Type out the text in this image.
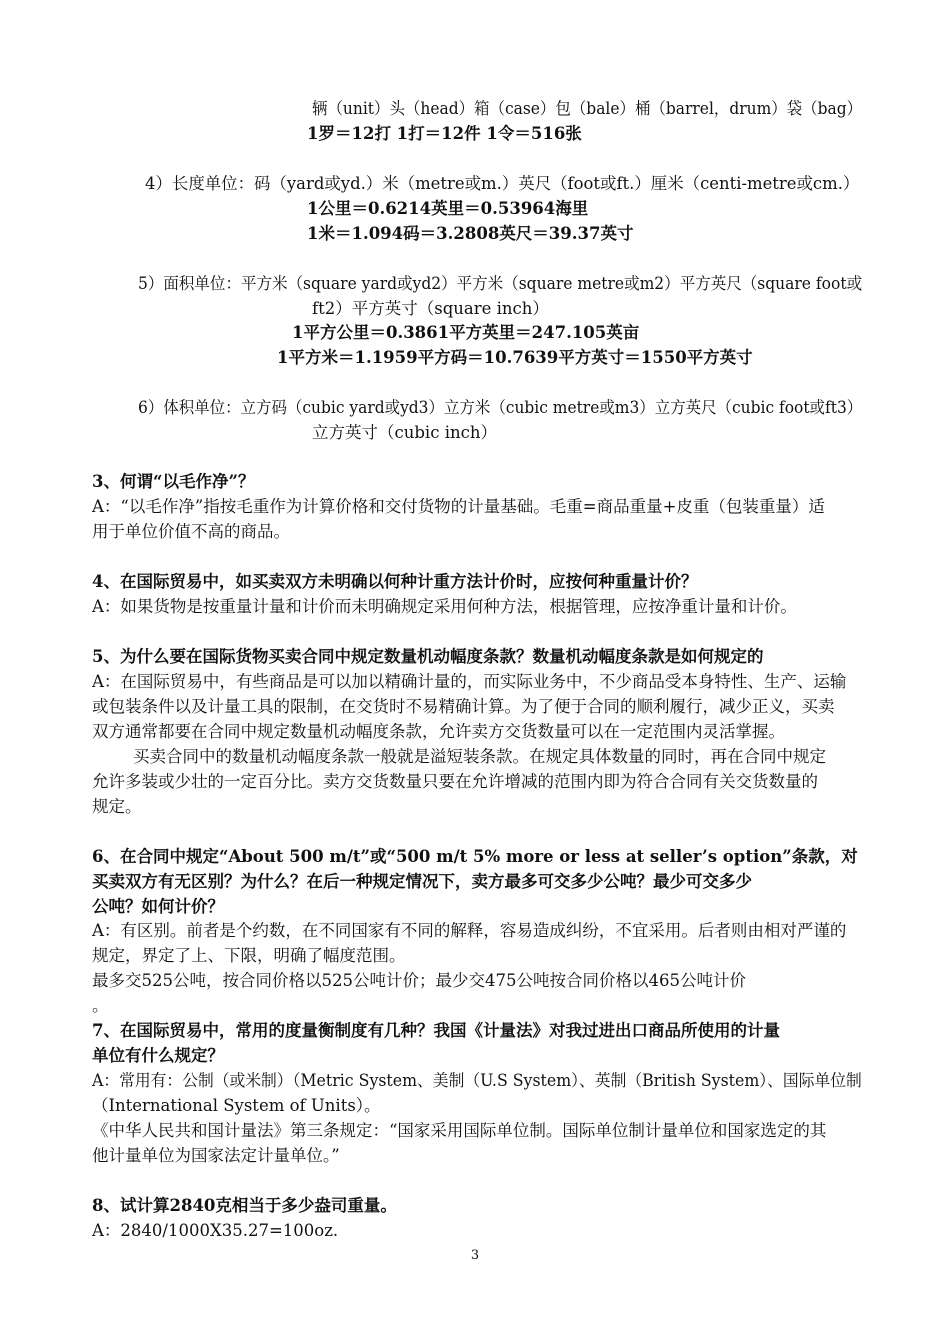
辆（unit）头（head）箱（case）包（bale）桶（barrel，drum）袋（bag）
1罗＝12打 1打＝12件 1令＝516张
4）长度单位：码（yard或yd.）米（metre或m.）英尺（foot或ft.）厘米（centi-metre或cm.）
1公里＝0.6214英里＝0.53964海里
1米＝1.094码＝3.2808英尺＝39.37英寸
5）面积单位：平方米（square yard或yd2）平方米（square metre或m2）平方英尺（square foot或
ft2）平方英寸（square inch）
1平方公里＝0.3861平方英里＝247.105英亩
1平方米＝1.1959平方码＝10.7639平方英寸＝1550平方英寸
6）体积单位：立方码（cubic yard或yd3）立方米（cubic metre或m3）立方英尺（cubic foot或ft3）
立方英寸（cubic inch）
3、何谓“以毛作净”？
A：“以毛作净”指按毛重作为计算价格和交付货物的计量基础。毛重=商品重量+皮重（包装重量）适
用于单位价值不高的商品。
4、在国际贸易中，如买卖双方未明确以何种计重方法计价时，应按何种重量计价？
A：如果货物是按重量计量和计价而未明确规定采用何种方法，根据管理，应按净重计量和计价。
5、为什么要在国际货物买卖合同中规定数量机动幅度条款？数量机动幅度条款是如何规定的
A：在国际贸易中，有些商品是可以加以精确计量的，而实际业务中，不少商品受本身特性、生产、运输
或包装条件以及计量工具的限制，在交货时不易精确计算。为了便于合同的顺利履行，减少正义，买卖
双方通常都要在合同中规定数量机动幅度条款，允许卖方交货数量可以在一定范围内灵活掌握。
买卖合同中的数量机动幅度条款一般就是溢短装条款。在规定具体数量的同时，再在合同中规定
允许多装或少壮的一定百分比。卖方交货数量只要在允许增减的范围内即为符合合同有关交货数量的
规定。
6、在合同中规定“About 500 m/t”或“500 m/t 5% more or less at seller’s option”条款，对
买卖双方有无区别？为什么？在后一种规定情况下，卖方最多可交多少公吨？最少可交多少
公吨？如何计价？
A：有区别。前者是个约数，在不同国家有不同的解释，容易造成纠纷，不宜采用。后者则由相对严谨的
规定，界定了上、下限，明确了幅度范围。
最多交525公吨，按合同价格以525公吨计价；最少交475公吨按合同价格以465公吨计价
。
7、在国际贸易中，常用的度量衡制度有几种？我国《计量法》对我过进出口商品所使用的计量
单位有什么规定？
A：常用有：公制（或米制）（Metric System、美制（U.S System）、英制（British System）、国际单位制
（International System of Units）。
《中华人民共和国计量法》第三条规定：“国家采用国际单位制。国际单位制计量单位和国家选定的其
他计量单位为国家法定计量单位。”
8、试计算2840克相当于多少盎司重量。
A：2840/1000X35.27=100oz.
3
